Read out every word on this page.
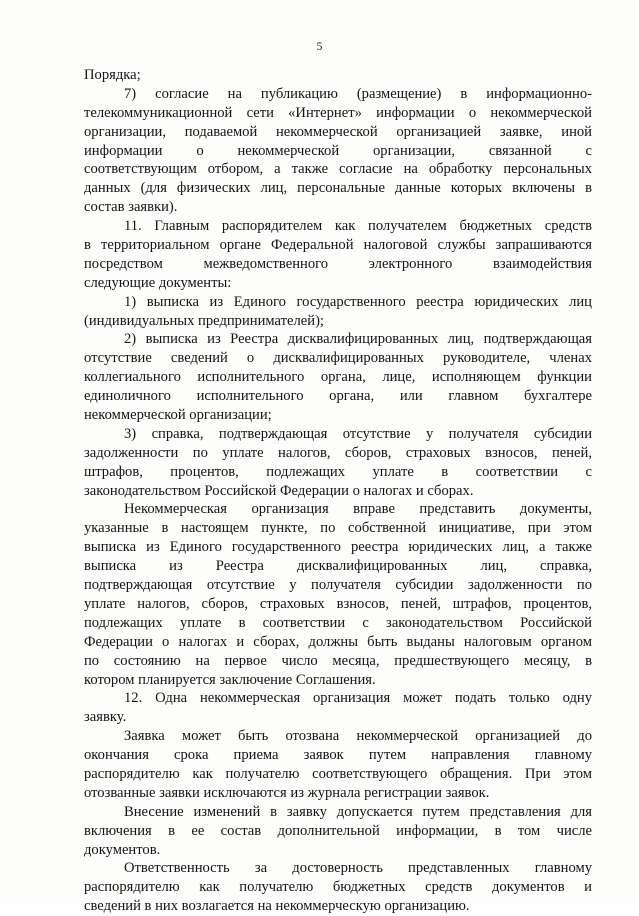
5
Порядка;
7) согласие на публикацию (размещение) в информационно-
телекоммуникационной сети «Интернет» информации о некоммерческой
организации, подаваемой некоммерческой организацией заявке, иной
информации о некоммерческой организации, связанной с
соответствующим отбором, а также согласие на обработку персональных
данных (для физических лиц, персональные данные которых включены в
состав заявки).
11. Главным распорядителем как получателем бюджетных средств
в территориальном органе Федеральной налоговой службы запрашиваются
посредством межведомственного электронного взаимодействия
следующие документы:
1) выписка из Единого государственного реестра юридических лиц
(индивидуальных предпринимателей);
2) выписка из Реестра дисквалифицированных лиц, подтверждающая
отсутствие сведений о дисквалифицированных руководителе, членах
коллегиального исполнительного органа, лице, исполняющем функции
единоличного исполнительного органа, или главном бухгалтере
некоммерческой организации;
3) справка, подтверждающая отсутствие у получателя субсидии
задолженности по уплате налогов, сборов, страховых взносов, пеней,
штрафов, процентов, подлежащих уплате в соответствии с
законодательством Российской Федерации о налогах и сборах.
Некоммерческая организация вправе представить документы,
указанные в настоящем пункте, по собственной инициативе, при этом
выписка из Единого государственного реестра юридических лиц, а также
выписка из Реестра дисквалифицированных лиц, справка,
подтверждающая отсутствие у получателя субсидии задолженности по
уплате налогов, сборов, страховых взносов, пеней, штрафов, процентов,
подлежащих уплате в соответствии с законодательством Российской
Федерации о налогах и сборах, должны быть выданы налоговым органом
по состоянию на первое число месяца, предшествующего месяцу, в
котором планируется заключение Соглашения.
12. Одна некоммерческая организация может подать только одну
заявку.
Заявка может быть отозвана некоммерческой организацией до
окончания срока приема заявок путем направления главному
распорядителю как получателю соответствующего обращения. При этом
отозванные заявки исключаются из журнала регистрации заявок.
Внесение изменений в заявку допускается путем представления для
включения в ее состав дополнительной информации, в том числе
документов.
Ответственность за достоверность представленных главному
распорядителю как получателю бюджетных средств документов и
сведений в них возлагается на некоммерческую организацию.
